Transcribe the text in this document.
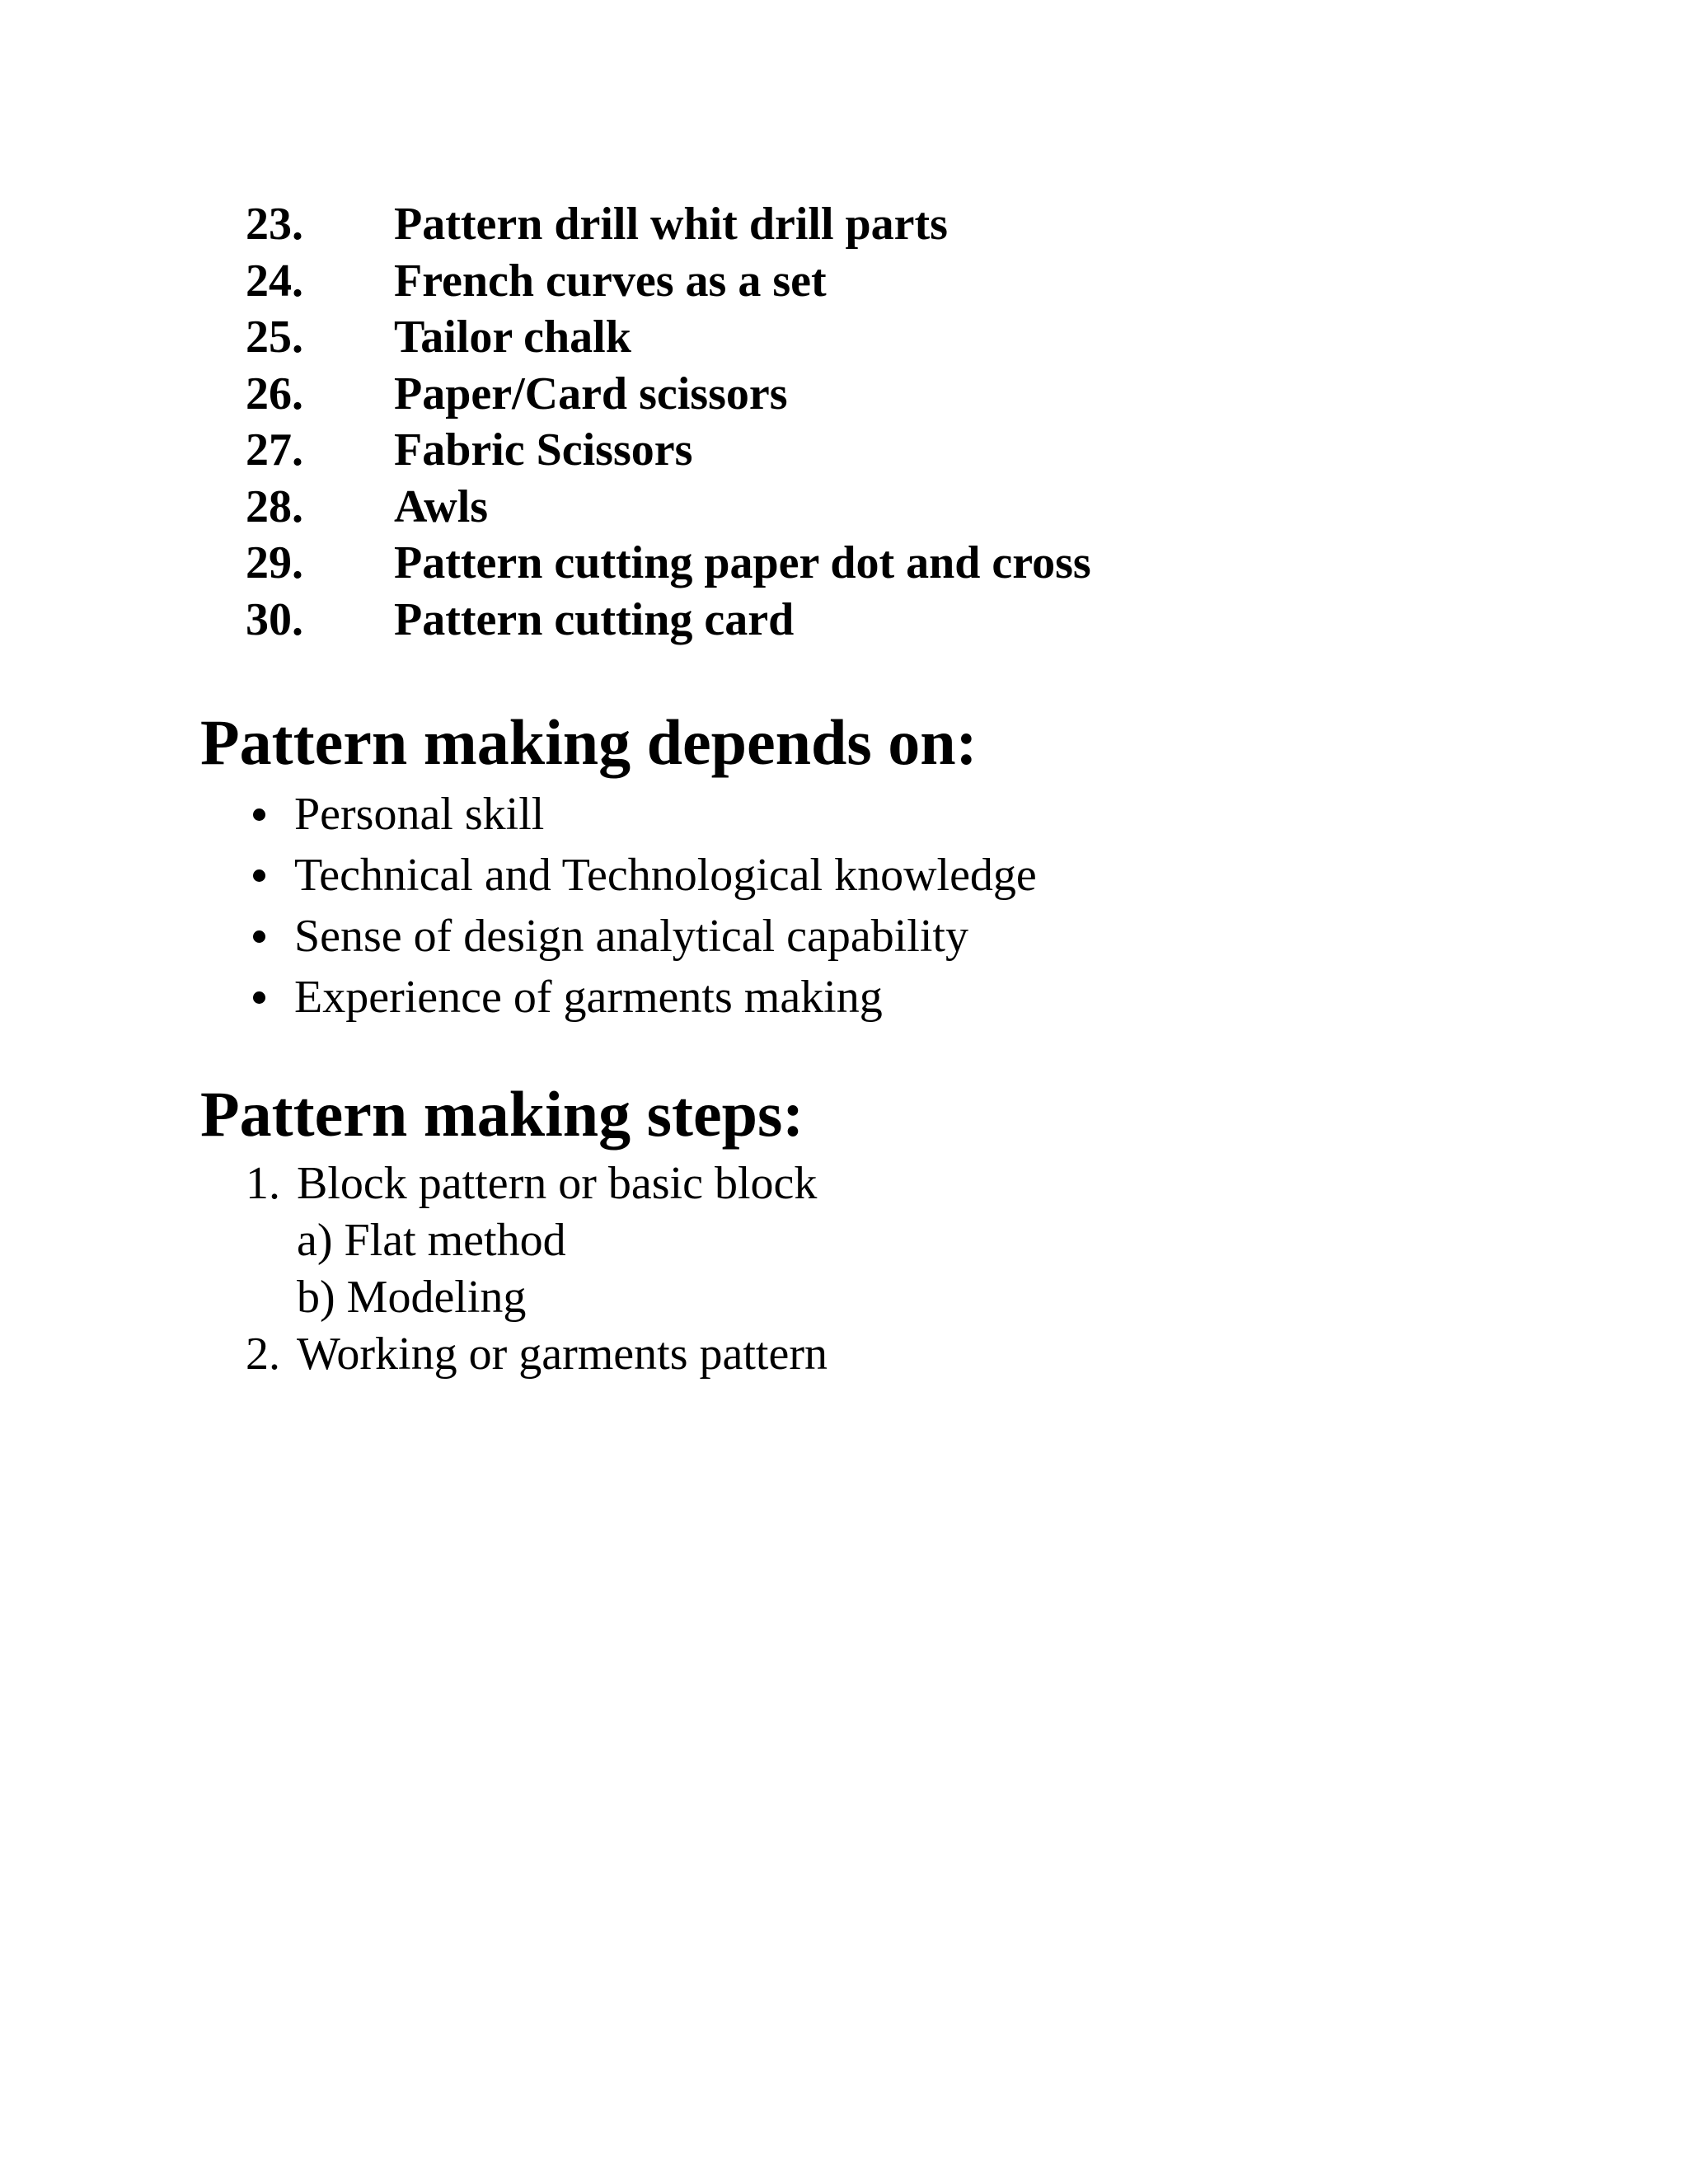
23.	Pattern drill whit drill parts
24.	French curves as a set
25.	Tailor chalk
26.	Paper/Card scissors
27.	Fabric Scissors
28.	Awls
29.	Pattern cutting paper dot and cross
30.	Pattern cutting card
Pattern making depends on:
Personal skill
Technical and Technological knowledge
Sense of design analytical capability
Experience of garments making
Pattern making steps:
1. Block pattern or basic block
a) Flat method
b) Modeling
2. Working or garments pattern
